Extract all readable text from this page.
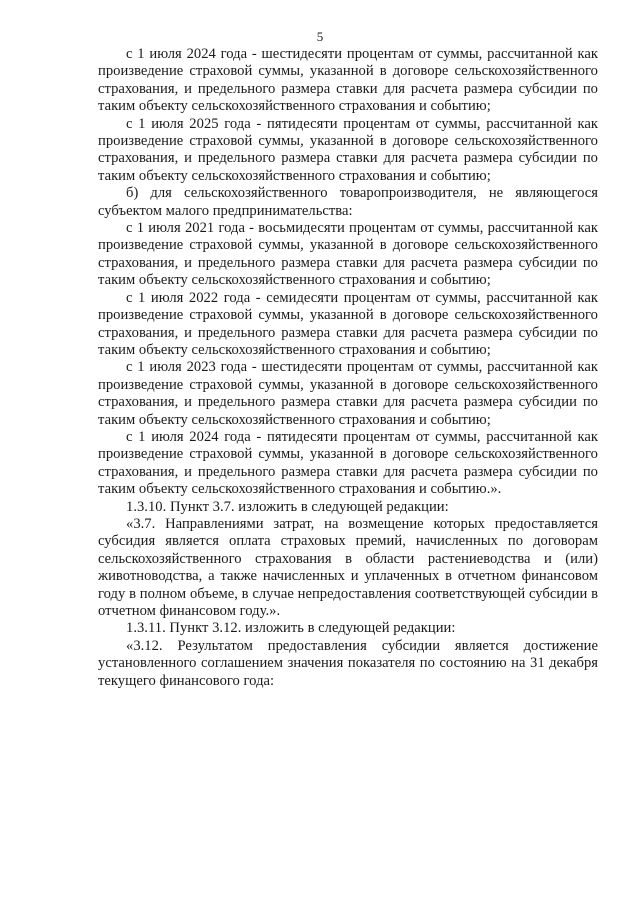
5

с 1 июля 2024 года - шестидесяти процентам от суммы, рассчитанной как произведение страховой суммы, указанной в договоре сельскохозяйственного страхования, и предельного размера ставки для расчета размера субсидии по таким объекту сельскохозяйственного страхования и событию;

с 1 июля 2025 года - пятидесяти процентам от суммы, рассчитанной как произведение страховой суммы, указанной в договоре сельскохозяйственного страхования, и предельного размера ставки для расчета размера субсидии по таким объекту сельскохозяйственного страхования и событию;

б) для сельскохозяйственного товаропроизводителя, не являющегося субъектом малого предпринимательства:

с 1 июля 2021 года - восьмидесяти процентам от суммы, рассчитанной как произведение страховой суммы, указанной в договоре сельскохозяйственного страхования, и предельного размера ставки для расчета размера субсидии по таким объекту сельскохозяйственного страхования и событию;

с 1 июля 2022 года - семидесяти процентам от суммы, рассчитанной как произведение страховой суммы, указанной в договоре сельскохозяйственного страхования, и предельного размера ставки для расчета размера субсидии по таким объекту сельскохозяйственного страхования и событию;

с 1 июля 2023 года - шестидесяти процентам от суммы, рассчитанной как произведение страховой суммы, указанной в договоре сельскохозяйственного страхования, и предельного размера ставки для расчета размера субсидии по таким объекту сельскохозяйственного страхования и событию;

с 1 июля 2024 года - пятидесяти процентам от суммы, рассчитанной как произведение страховой суммы, указанной в договоре сельскохозяйственного страхования, и предельного размера ставки для расчета размера субсидии по таким объекту сельскохозяйственного страхования и событию.».

1.3.10. Пункт 3.7. изложить в следующей редакции:

«3.7. Направлениями затрат, на возмещение которых предоставляется субсидия является оплата страховых премий, начисленных по договорам сельскохозяйственного страхования в области растениеводства и (или) животноводства, а также начисленных и уплаченных в отчетном финансовом году в полном объеме, в случае непредоставления соответствующей субсидии в отчетном финансовом году.».

1.3.11. Пункт 3.12. изложить в следующей редакции:

«3.12. Результатом предоставления субсидии является достижение установленного соглашением значения показателя по состоянию на 31 декабря текущего финансового года:
